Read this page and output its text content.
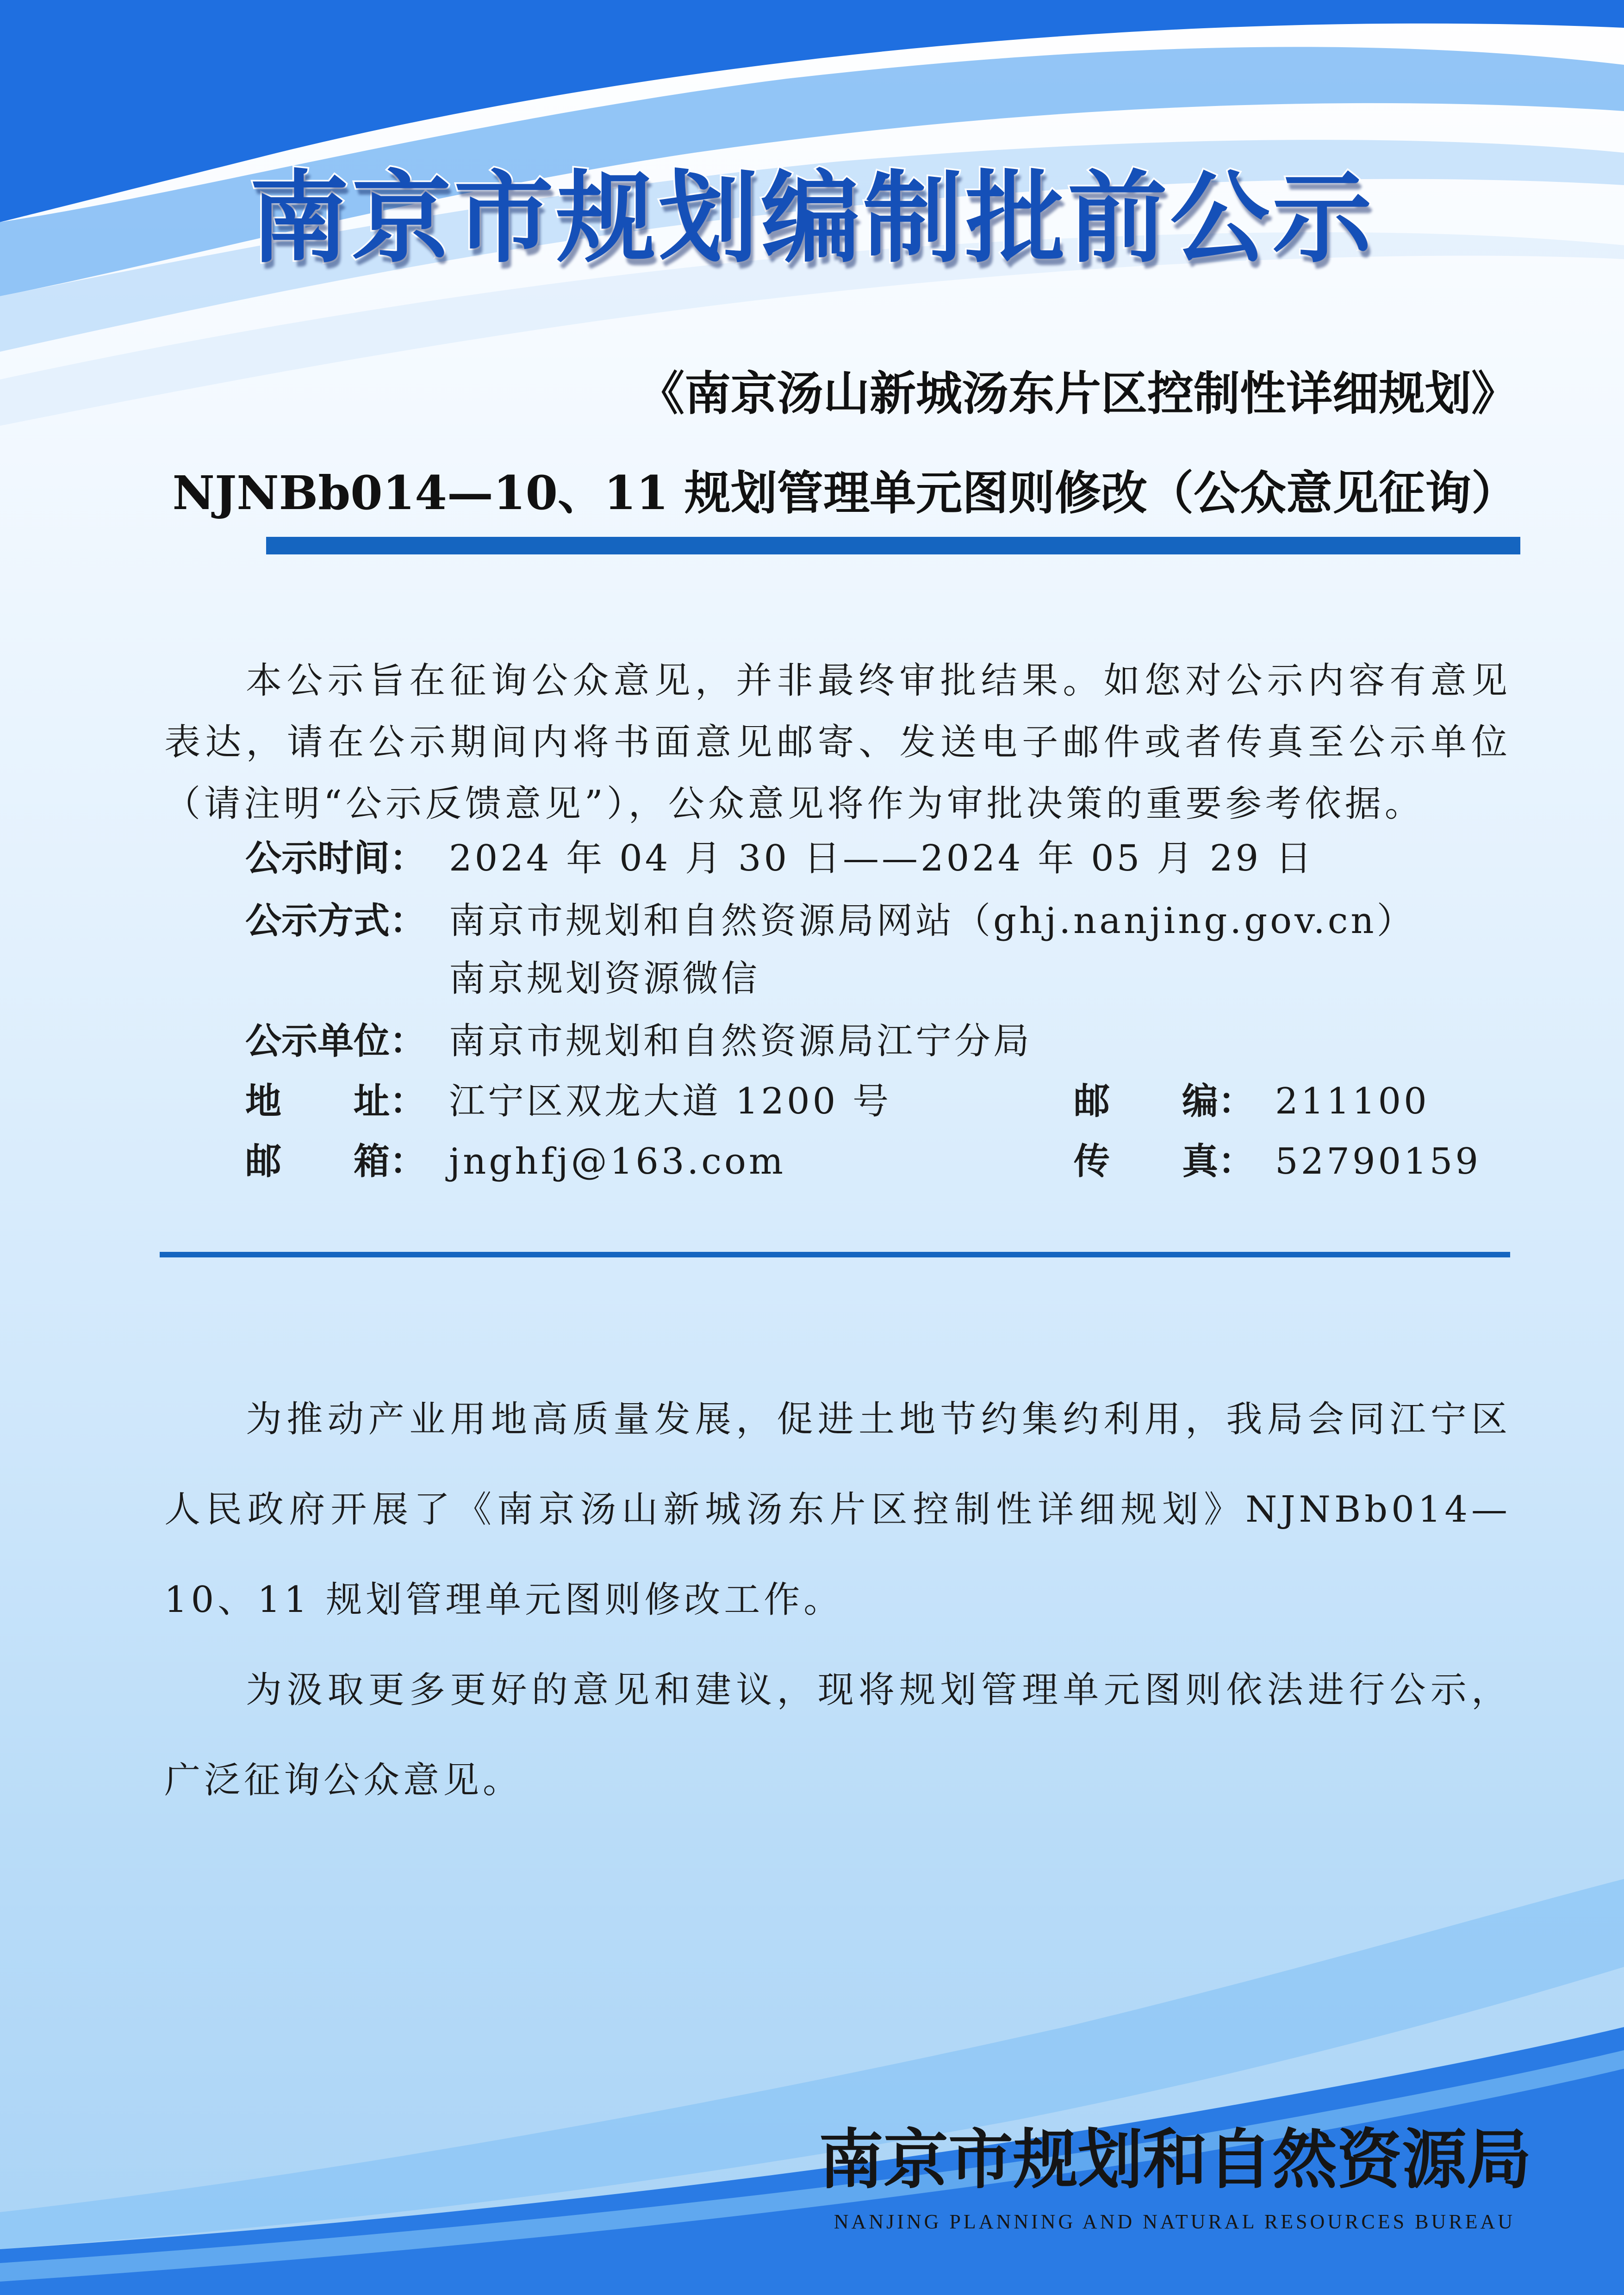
南京市规划编制批前公示

《南京汤山新城汤东片区控制性详细规划》

NJNBb014—10、11 规划管理单元图则修改（公众意见征询）

本公示旨在征询公众意见，并非最终审批结果。如您对公示内容有意见表达，请在公示期间内将书面意见邮寄、发送电子邮件或者传真至公示单位（请注明“公示反馈意见”），公众意见将作为审批决策的重要参考依据。

公示时间： 2024 年 04 月 30 日——2024 年 05 月 29 日
公示方式： 南京市规划和自然资源局网站（ghj.nanjing.gov.cn）
南京规划资源微信
公示单位： 南京市规划和自然资源局江宁分局
地　　址： 江宁区双龙大道 1200 号	邮　　编： 211100
邮　　箱： jnghfj@163.com	传　　真： 52790159

为推动产业用地高质量发展，促进土地节约集约利用，我局会同江宁区人民政府开展了《南京汤山新城汤东片区控制性详细规划》NJNBb014—10、11 规划管理单元图则修改工作。

为汲取更多更好的意见和建议，现将规划管理单元图则依法进行公示，广泛征询公众意见。

南京市规划和自然资源局

NANJING PLANNING AND NATURAL RESOURCES BUREAU
